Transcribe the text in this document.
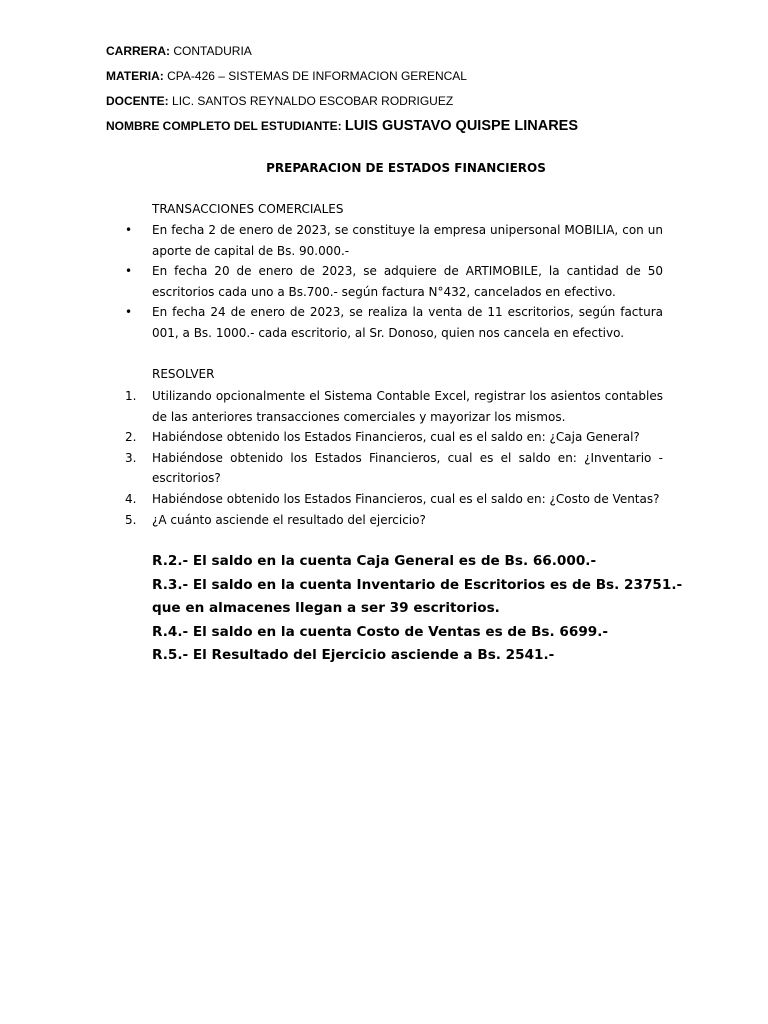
CARRERA: CONTADURIA
MATERIA: CPA-426 – SISTEMAS DE INFORMACION GERENCAL
DOCENTE: LIC. SANTOS REYNALDO ESCOBAR RODRIGUEZ
NOMBRE COMPLETO DEL ESTUDIANTE: LUIS GUSTAVO QUISPE LINARES
PREPARACION DE ESTADOS FINANCIEROS
TRANSACCIONES COMERCIALES
•	En fecha 2 de enero de 2023, se constituye la empresa unipersonal MOBILIA, con un aporte de capital de Bs. 90.000.-
•	En fecha 20 de enero de 2023, se adquiere de ARTIMOBILE, la cantidad de 50 escritorios cada uno a Bs.700.- según factura N°432, cancelados en efectivo.
•	En fecha 24 de enero de 2023, se realiza la venta de 11 escritorios, según factura 001, a Bs. 1000.- cada escritorio, al Sr. Donoso, quien nos cancela en efectivo.
RESOLVER
1.	Utilizando opcionalmente el Sistema Contable Excel, registrar los asientos contables de las anteriores transacciones comerciales y mayorizar los mismos.
2.	Habiéndose obtenido los Estados Financieros, cual es el saldo en: ¿Caja General?
3.	Habiéndose obtenido los Estados Financieros, cual es el saldo en: ¿Inventario - escritorios?
4.	Habiéndose obtenido los Estados Financieros, cual es el saldo en: ¿Costo de Ventas?
5.	¿A cuánto asciende el resultado del ejercicio?
R.2.- El saldo en la cuenta Caja General es de Bs. 66.000.-
R.3.- El saldo en la cuenta Inventario de Escritorios es de Bs. 23751.-
que en almacenes llegan a ser 39 escritorios.
R.4.- El saldo en la cuenta Costo de Ventas es de Bs. 6699.-
R.5.- El Resultado del Ejercicio asciende a Bs. 2541.-
